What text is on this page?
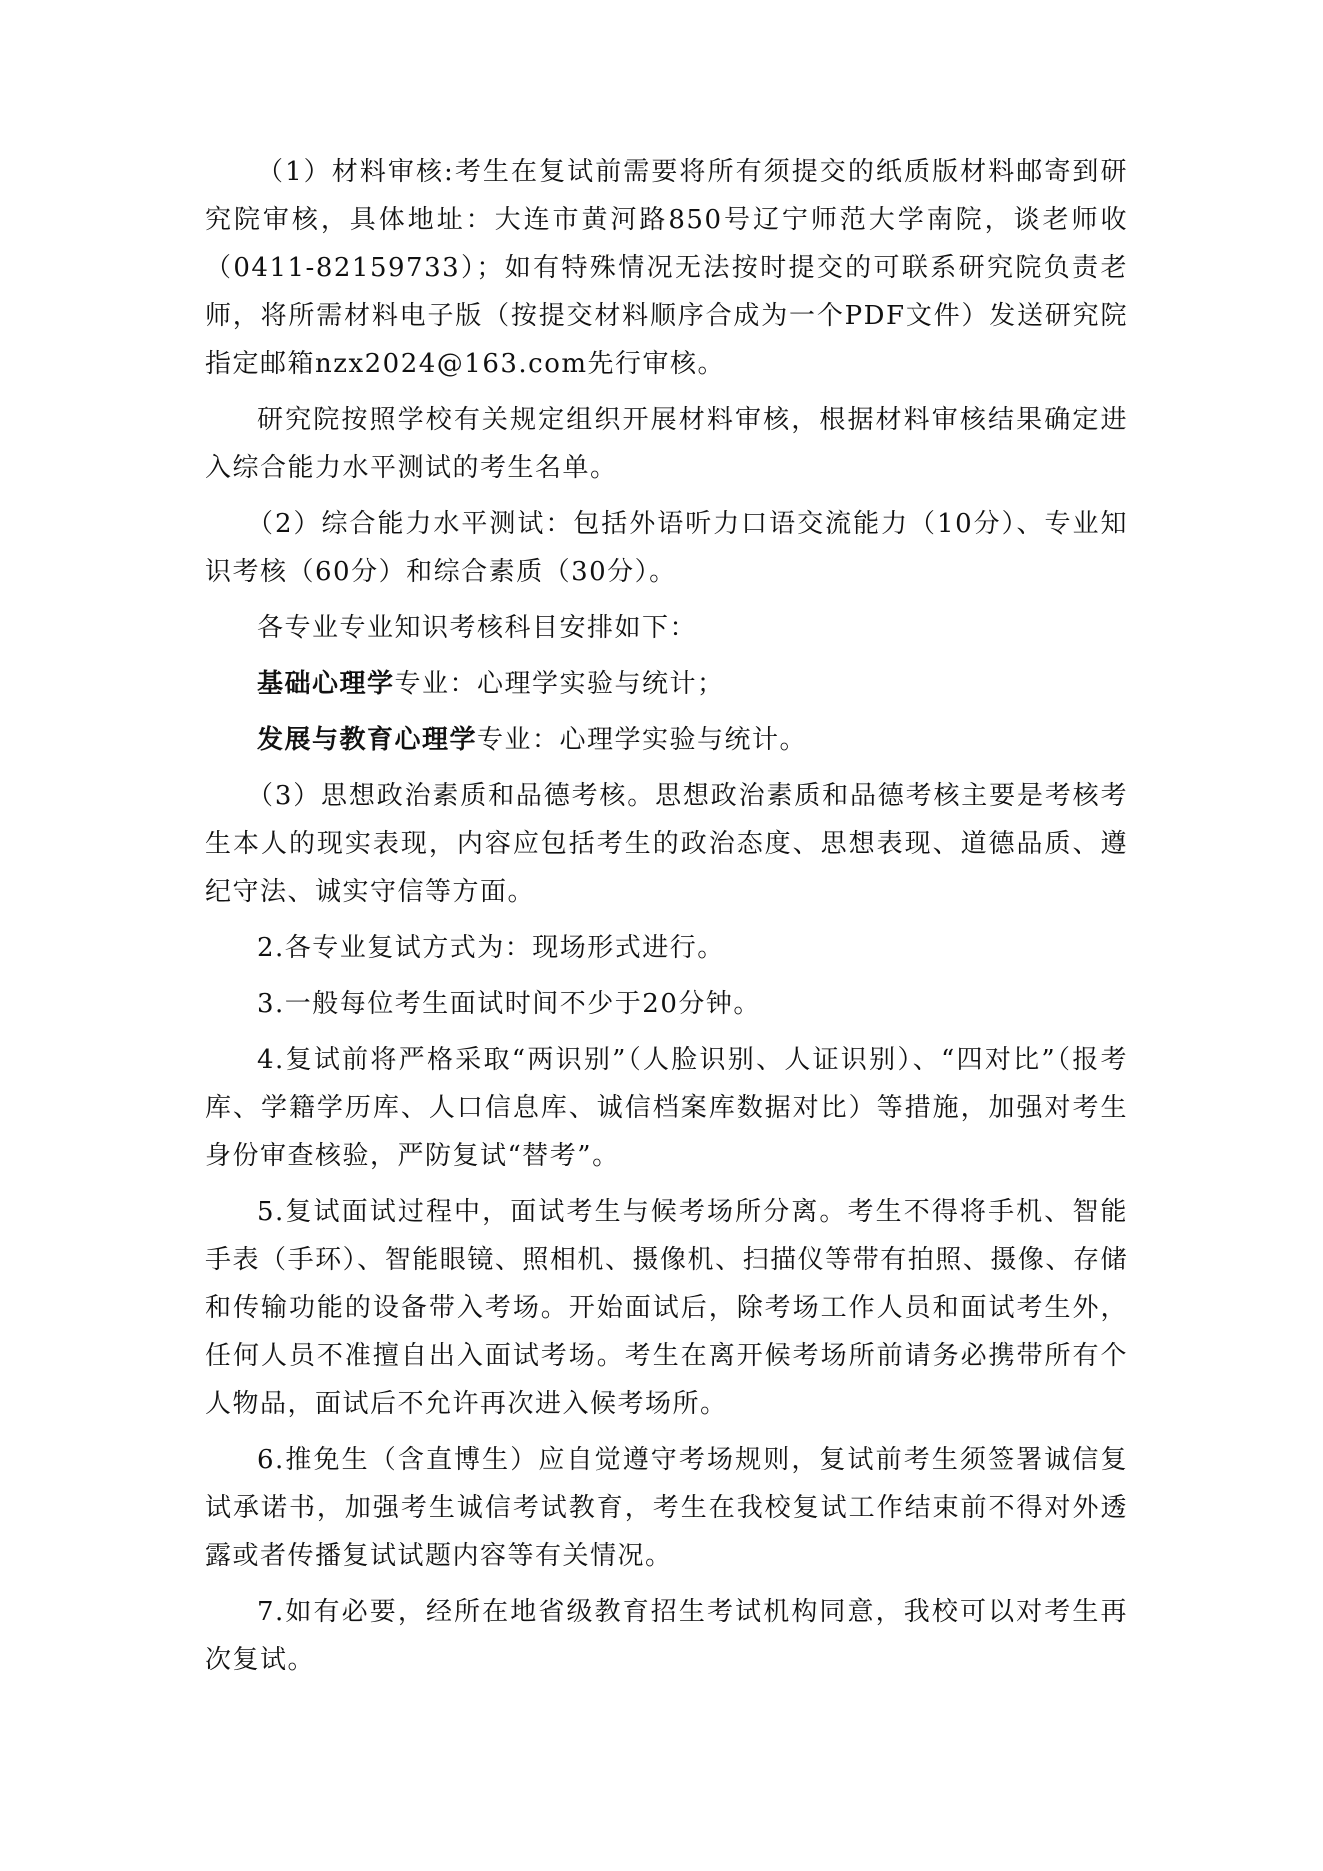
（1）材料审核:考生在复试前需要将所有须提交的纸质版材料邮寄到研究院审核，具体地址：大连市黄河路850号辽宁师范大学南院，谈老师收（0411-82159733）；如有特殊情况无法按时提交的可联系研究院负责老师，将所需材料电子版（按提交材料顺序合成为一个PDF文件）发送研究院指定邮箱nzx2024@163.com先行审核。

研究院按照学校有关规定组织开展材料审核，根据材料审核结果确定进入综合能力水平测试的考生名单。

（2）综合能力水平测试：包括外语听力口语交流能力（10分）、专业知识考核（60分）和综合素质（30分）。

各专业专业知识考核科目安排如下：

基础心理学专业：心理学实验与统计；

发展与教育心理学专业：心理学实验与统计。

（3）思想政治素质和品德考核。思想政治素质和品德考核主要是考核考生本人的现实表现，内容应包括考生的政治态度、思想表现、道德品质、遵纪守法、诚实守信等方面。

2.各专业复试方式为：现场形式进行。

3.一般每位考生面试时间不少于20分钟。

4.复试前将严格采取“两识别”（人脸识别、人证识别）、“四对比”（报考库、学籍学历库、人口信息库、诚信档案库数据对比）等措施，加强对考生身份审查核验，严防复试“替考”。

5.复试面试过程中，面试考生与候考场所分离。考生不得将手机、智能手表（手环）、智能眼镜、照相机、摄像机、扫描仪等带有拍照、摄像、存储和传输功能的设备带入考场。开始面试后，除考场工作人员和面试考生外，任何人员不准擅自出入面试考场。考生在离开候考场所前请务必携带所有个人物品，面试后不允许再次进入候考场所。

6.推免生（含直博生）应自觉遵守考场规则，复试前考生须签署诚信复试承诺书，加强考生诚信考试教育，考生在我校复试工作结束前不得对外透露或者传播复试试题内容等有关情况。

7.如有必要，经所在地省级教育招生考试机构同意，我校可以对考生再次复试。
